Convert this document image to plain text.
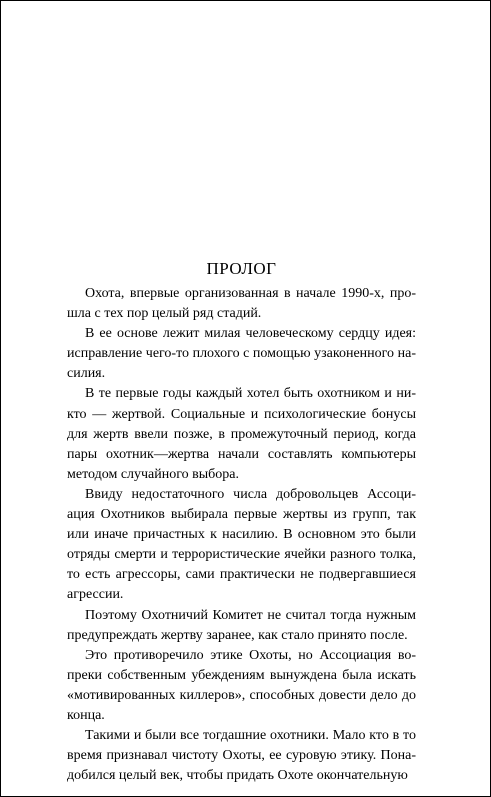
ПРОЛОГ

Охота, впервые организованная в начале 1990-х, прошла с тех пор целый ряд стадий.

В ее основе лежит милая человеческому сердцу идея: исправление чего-то плохого с помощью узаконенного насилия.

В те первые годы каждый хотел быть охотником и никто — жертвой. Социальные и психологические бонусы для жертв ввели позже, в промежуточный период, когда пары охотник—жертва начали составлять компьютеры методом случайного выбора.

Ввиду недостаточного числа добровольцев Ассоциация Охотников выбирала первые жертвы из групп, так или иначе причастных к насилию. В основном это были отряды смерти и террористические ячейки разного толка, то есть агрессоры, сами практически не подвергавшиеся агрессии.

Поэтому Охотничий Комитет не считал тогда нужным предупреждать жертву заранее, как стало принято после.

Это противоречило этике Охоты, но Ассоциация вопреки собственным убеждениям вынуждена была искать «мотивированных киллеров», способных довести дело до конца.

Такими и были все тогдашние охотники. Мало кто в то время признавал чистоту Охоты, ее суровую этику. Понадобился целый век, чтобы придать Охоте окончательную
